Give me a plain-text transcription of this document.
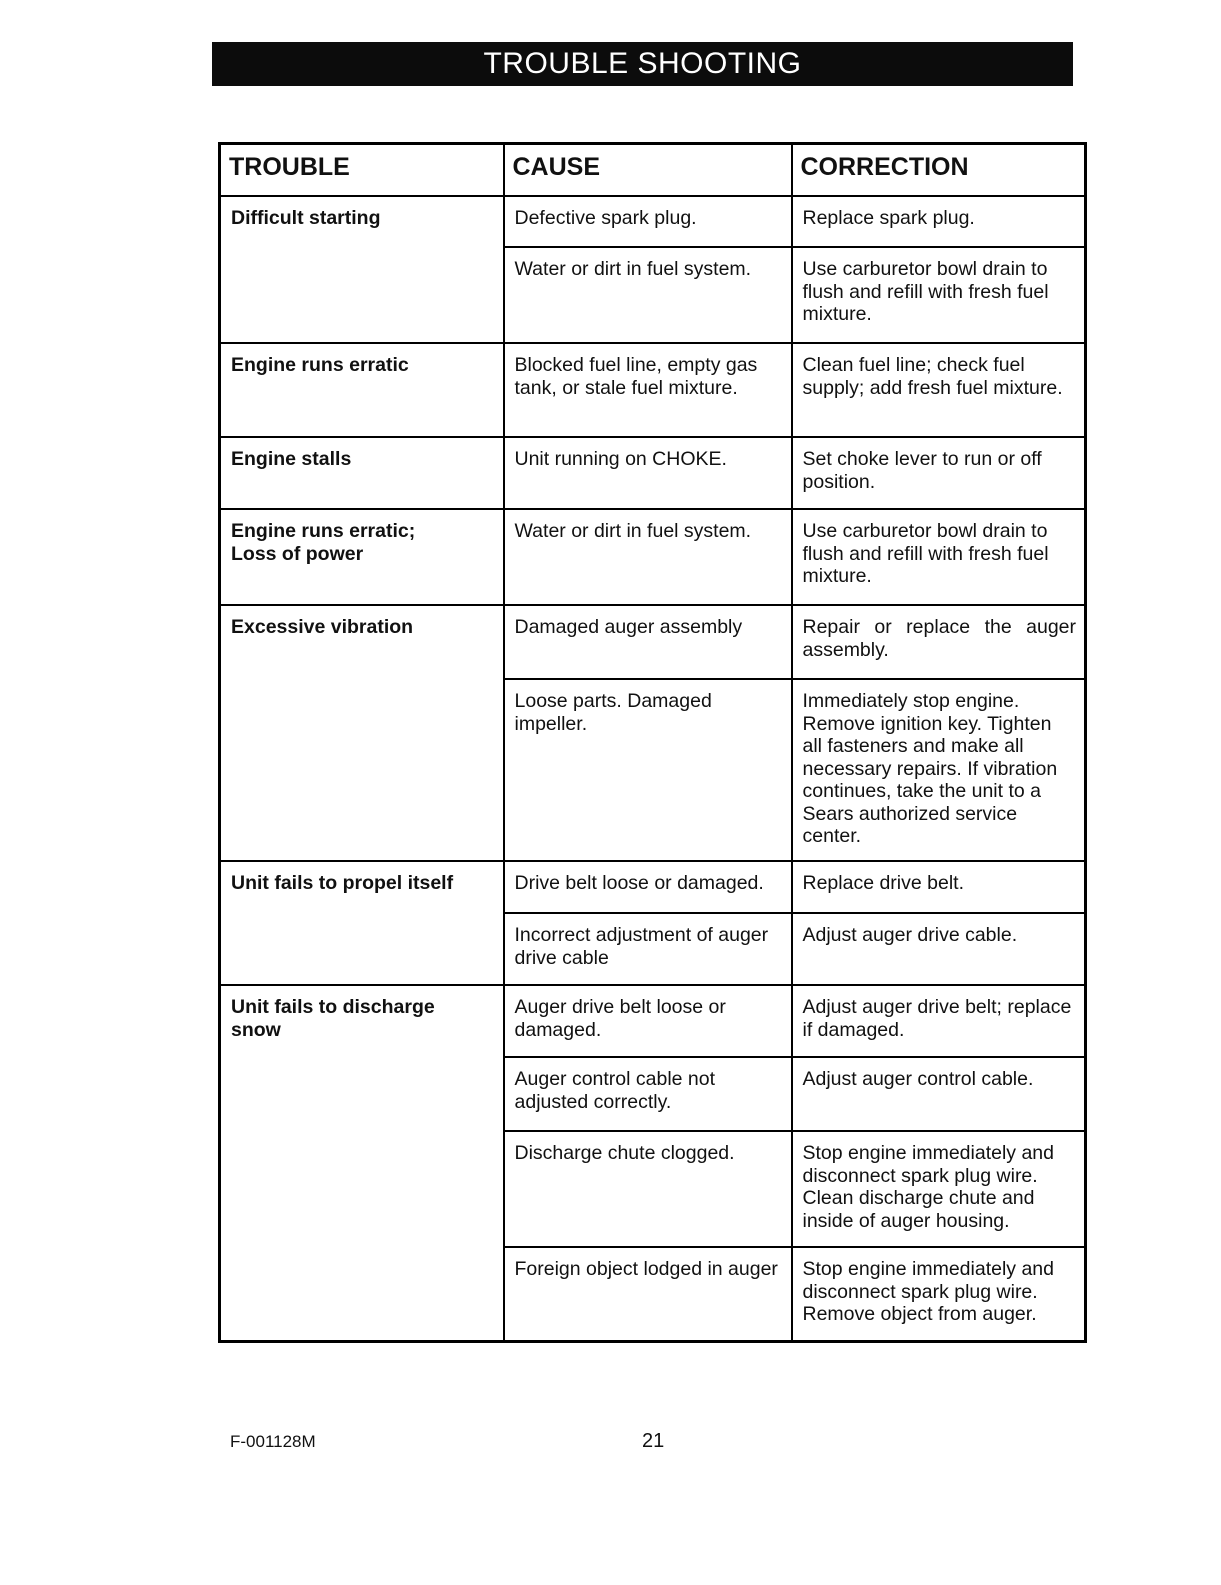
TROUBLE SHOOTING
TROUBLE	CAUSE	CORRECTION
Difficult starting	Defective spark plug.	Replace spark plug.
	Water or dirt in fuel system.	Use carburetor bowl drain to flush and refill with fresh fuel mixture.
Engine runs erratic	Blocked fuel line, empty gas tank, or stale fuel mixture.	Clean fuel line; check fuel supply; add fresh fuel mixture.
Engine stalls	Unit running on CHOKE.	Set choke lever to run or off position.

Engine runs erratic; Loss of power	Water or dirt in fuel system.	Use carburetor bowl drain to flush and refill with fresh fuel mixture.
Excessive vibration	Damaged auger assembly	Repair or replace the auger assembly.
	Loose parts. Damaged impeller.	Immediately stop engine. Remove ignition key. Tighten all fasteners and make all necessary repairs. If vibration continues, take the unit to a Sears authorized service center.
Unit fails to propel itself	Drive belt loose or damaged.	Replace drive belt.
	Incorrect adjustment of auger drive cable	Adjust auger drive cable.

Unit fails to discharge snow	Auger drive belt loose or damaged.	Adjust auger drive belt; replace if damaged.
	Auger control cable not adjusted correctly.	Adjust auger control cable.
	Discharge chute clogged.	Stop engine immediately and disconnect spark plug wire. Clean discharge chute and inside of auger housing.
	Foreign object lodged in auger	Stop engine immediately and disconnect spark plug wire. Remove object from auger.
F-001128M	21
